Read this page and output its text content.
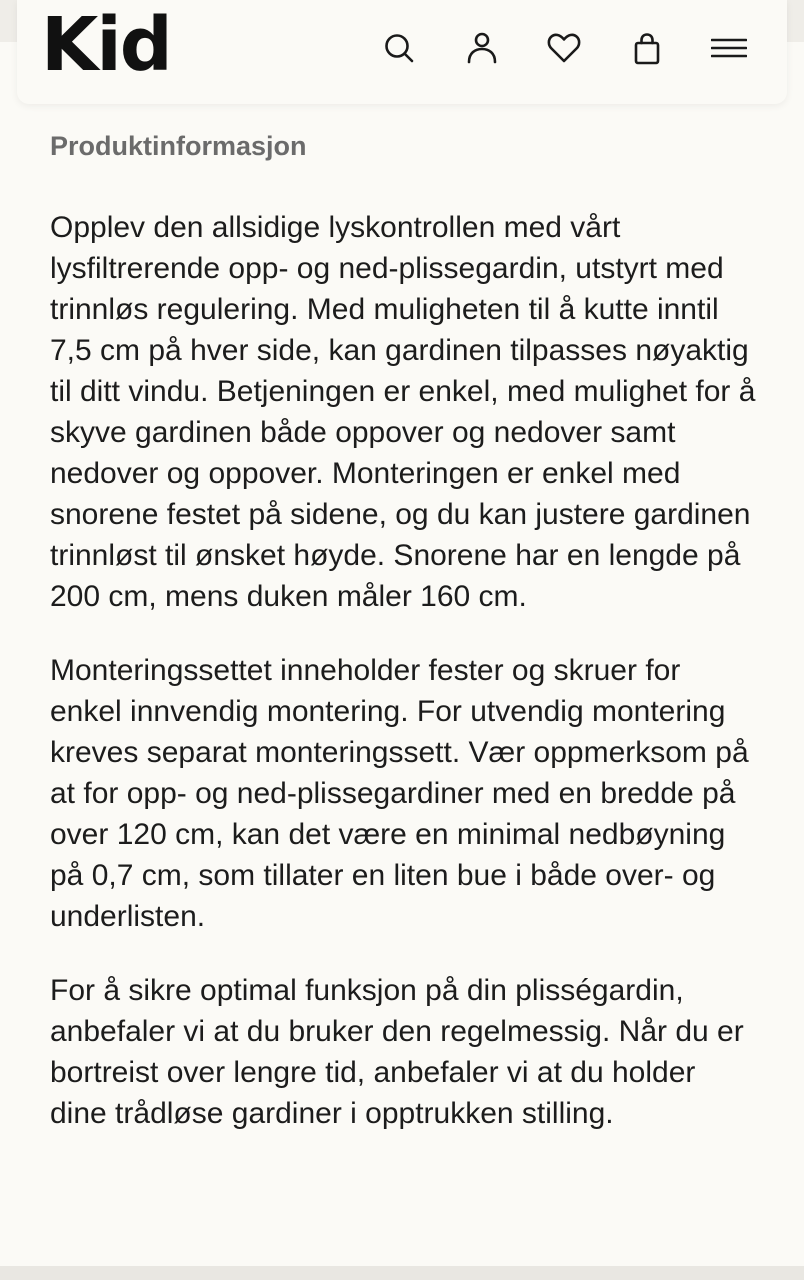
Kid
Produktinformasjon

Opplev den allsidige lyskontrollen med vårt lysfiltrerende opp- og ned-plissegardin, utstyrt med trinnløs regulering. Med muligheten til å kutte inntil 7,5 cm på hver side, kan gardinen tilpasses nøyaktig til ditt vindu. Betjeningen er enkel, med mulighet for å skyve gardinen både oppover og nedover samt nedover og oppover. Monteringen er enkel med snorene festet på sidene, og du kan justere gardinen trinnløst til ønsket høyde. Snorene har en lengde på 200 cm, mens duken måler 160 cm.

Monteringssettet inneholder fester og skruer for enkel innvendig montering. For utvendig montering kreves separat monteringssett. Vær oppmerksom på at for opp- og ned-plissegardiner med en bredde på over 120 cm, kan det være en minimal nedbøyning på 0,7 cm, som tillater en liten bue i både over- og underlisten.

For å sikre optimal funksjon på din plisségardin, anbefaler vi at du bruker den regelmessig. Når du er bortreist over lengre tid, anbefaler vi at du holder dine trådløse gardiner i opptrukken stilling.
